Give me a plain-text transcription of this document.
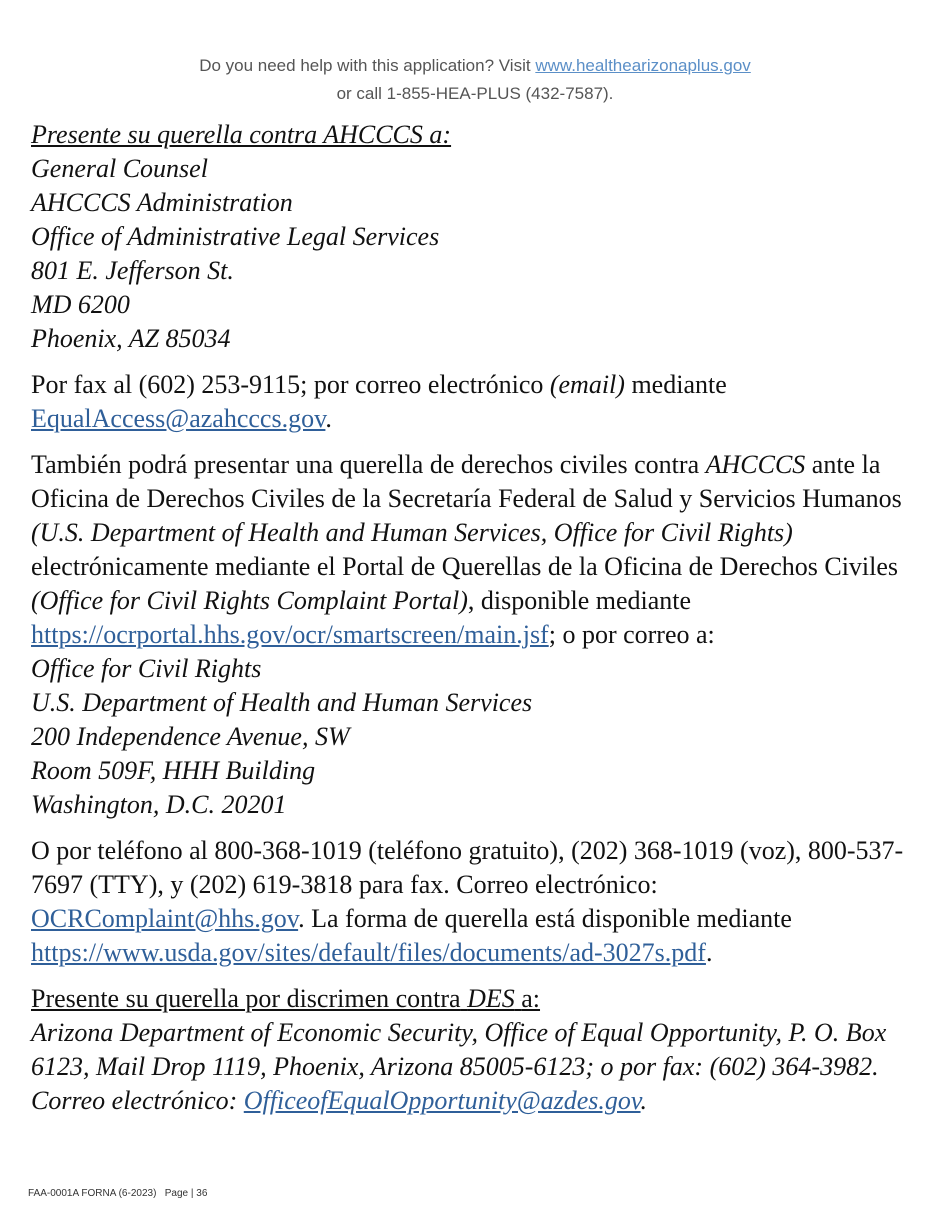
Do you need help with this application? Visit www.healthearizonaplus.gov
or call 1-855-HEA-PLUS (432-7587).

Presente su querella contra AHCCCS a:

General Counsel

AHCCCS Administration

Office of Administrative Legal Services

801 E. Jefferson St.

MD 6200

Phoenix, AZ 85034

Por fax al (602) 253-9115; por correo electrónico (email) mediante EqualAccess@azahcccs.gov.

También podrá presentar una querella de derechos civiles contra AHCCCS ante la Oficina de Derechos Civiles de la Secretaría Federal de Salud y Servicios Humanos (U.S. Department of Health and Human Services, Office for Civil Rights) electrónicamente mediante el Portal de Querellas de la Oficina de Derechos Civiles (Office for Civil Rights Complaint Portal), disponible mediante https://ocrportal.hhs.gov/ocr/smartscreen/main.jsf; o por correo a:

Office for Civil Rights

U.S. Department of Health and Human Services

200 Independence Avenue, SW

Room 509F, HHH Building

Washington, D.C. 20201

O por teléfono al 800-368-1019 (teléfono gratuito), (202) 368-1019 (voz), 800-537-7697 (TTY), y (202) 619-3818 para fax. Correo electrónico: OCRComplaint@hhs.gov. La forma de querella está disponible mediante https://www.usda.gov/sites/default/files/documents/ad-3027s.pdf.

Presente su querella por discrimen contra DES a:

Arizona Department of Economic Security, Office of Equal Opportunity, P. O. Box 6123, Mail Drop 1119, Phoenix, Arizona 85005-6123; o por fax: (602) 364-3982. Correo electrónico: OfficeofEqualOpportunity@azdes.gov.

FAA-0001A FORNA (6-2023) Page | 36
